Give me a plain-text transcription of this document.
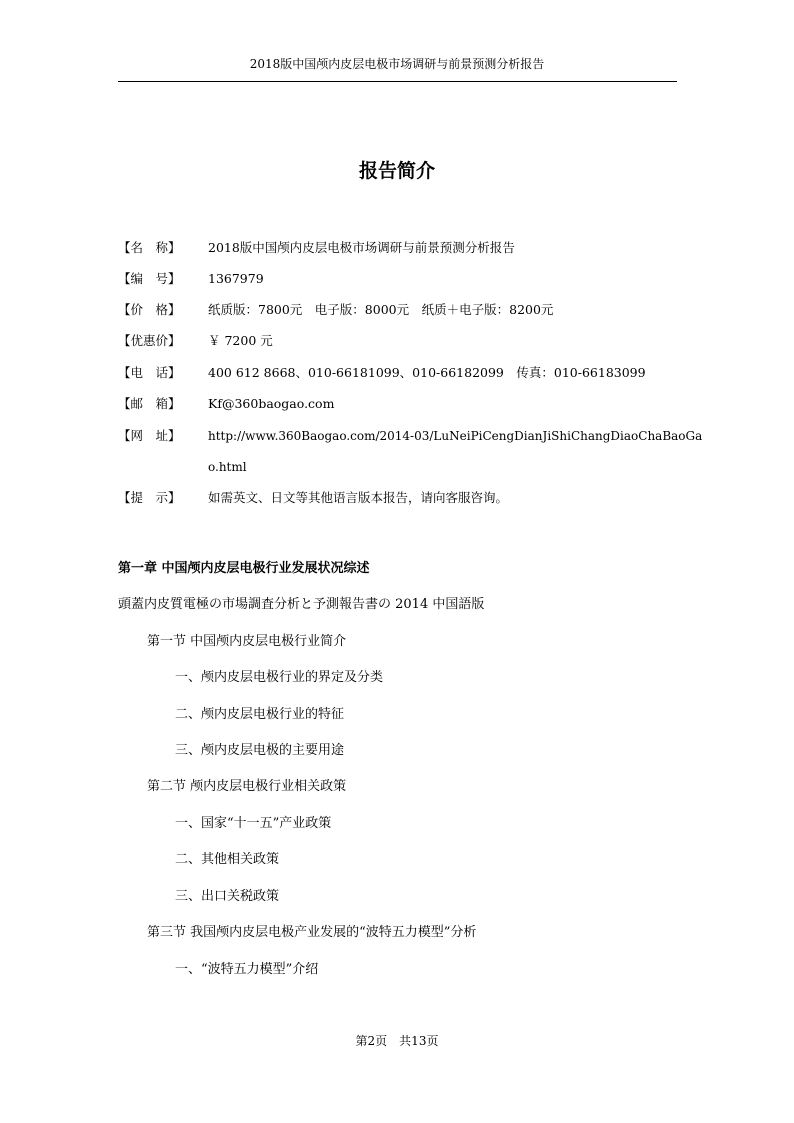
2018版中国颅内皮层电极市场调研与前景预测分析报告
报告简介
【名　称】	2018版中国颅内皮层电极市场调研与前景预测分析报告
【编　号】	1367979
【价　格】	纸质版：7800元　电子版：8000元　纸质＋电子版：8200元
【优惠价】	￥ 7200 元
【电　话】	400 612 8668、010-66181099、010-66182099　传真：010-66183099
【邮　箱】	Kf@360baogao.com
【网　址】	http://www.360Baogao.com/2014-03/LuNeiPiCengDianJiShiChangDiaoChaBaoGa
o.html
【提　示】	如需英文、日文等其他语言版本报告，请向客服咨询。
第一章 中国颅内皮层电极行业发展状况综述
頭蓋内皮質電極の市場調査分析と予測報告書の 2014 中国語版
第一节 中国颅内皮层电极行业简介
一、颅内皮层电极行业的界定及分类
二、颅内皮层电极行业的特征
三、颅内皮层电极的主要用途
第二节 颅内皮层电极行业相关政策
一、国家“十一五”产业政策
二、其他相关政策
三、出口关税政策
第三节 我国颅内皮层电极产业发展的“波特五力模型”分析
一、“波特五力模型”介绍
第2页　共13页
